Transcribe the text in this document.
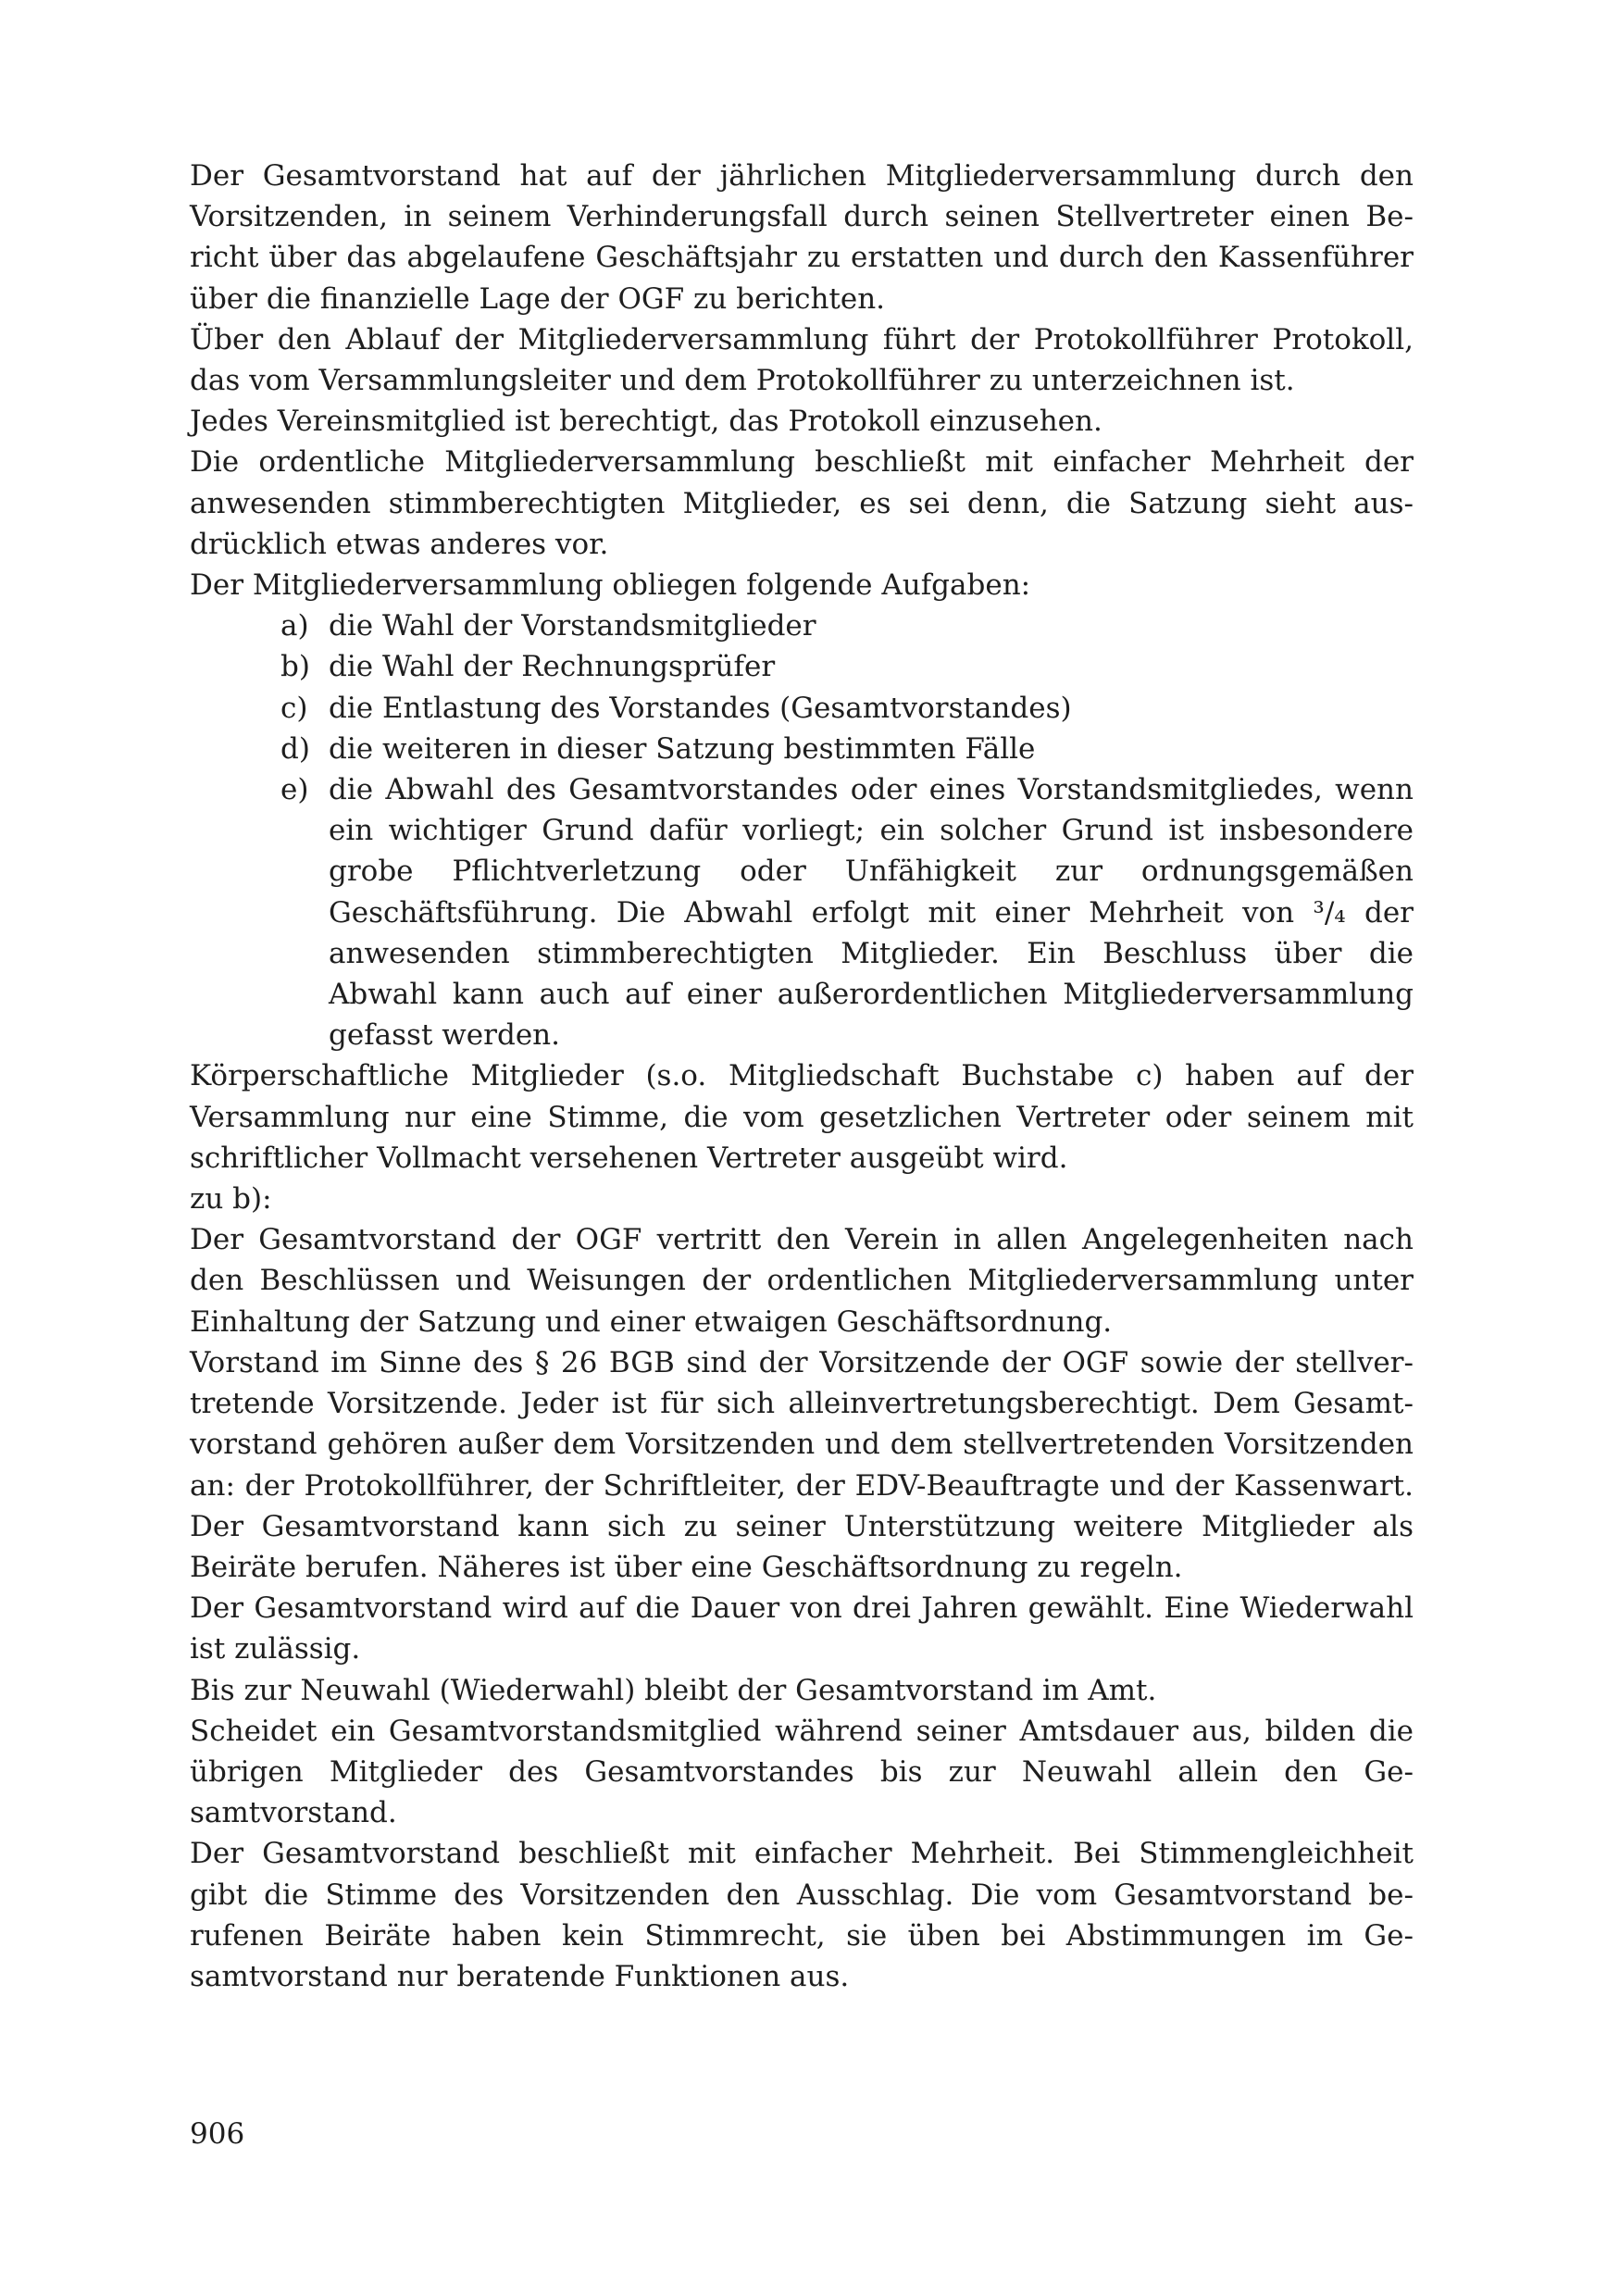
Der Gesamtvorstand hat auf der jährlichen Mitgliederversammlung durch den Vorsitzenden, in seinem Verhinderungsfall durch seinen Stellvertreter einen Bericht über das abgelaufene Geschäftsjahr zu erstatten und durch den Kassenführer über die finanzielle Lage der OGF zu berichten.

Über den Ablauf der Mitgliederversammlung führt der Protokollführer Protokoll, das vom Versammlungsleiter und dem Protokollführer zu unterzeichnen ist.

Jedes Vereinsmitglied ist berechtigt, das Protokoll einzusehen.

Die ordentliche Mitgliederversammlung beschließt mit einfacher Mehrheit der anwesenden stimmberechtigten Mitglieder, es sei denn, die Satzung sieht ausdrücklich etwas anderes vor.

Der Mitgliederversammlung obliegen folgende Aufgaben:

a) die Wahl der Vorstandsmitglieder
b) die Wahl der Rechnungsprüfer
c) die Entlastung des Vorstandes (Gesamtvorstandes)
d) die weiteren in dieser Satzung bestimmten Fälle
e) die Abwahl des Gesamtvorstandes oder eines Vorstandsmitgliedes, wenn ein wichtiger Grund dafür vorliegt; ein solcher Grund ist insbesondere grobe Pflichtverletzung oder Unfähigkeit zur ordnungsgemäßen Geschäftsführung. Die Abwahl erfolgt mit einer Mehrheit von ³/₄ der anwesenden stimmberechtigten Mitglieder. Ein Beschluss über die Abwahl kann auch auf einer außerordentlichen Mitgliederversammlung gefasst werden.

Körperschaftliche Mitglieder (s.o. Mitgliedschaft Buchstabe c) haben auf der Versammlung nur eine Stimme, die vom gesetzlichen Vertreter oder seinem mit schriftlicher Vollmacht versehenen Vertreter ausgeübt wird.

zu b):

Der Gesamtvorstand der OGF vertritt den Verein in allen Angelegenheiten nach den Beschlüssen und Weisungen der ordentlichen Mitgliederversammlung unter Einhaltung der Satzung und einer etwaigen Geschäftsordnung.

Vorstand im Sinne des § 26 BGB sind der Vorsitzende der OGF sowie der stellvertretende Vorsitzende. Jeder ist für sich alleinvertretungsberechtigt. Dem Gesamtvorstand gehören außer dem Vorsitzenden und dem stellvertretenden Vorsitzenden an: der Protokollführer, der Schriftleiter, der EDV-Beauftragte und der Kassenwart. Der Gesamtvorstand kann sich zu seiner Unterstützung weitere Mitglieder als Beiräte berufen. Näheres ist über eine Geschäftsordnung zu regeln.

Der Gesamtvorstand wird auf die Dauer von drei Jahren gewählt. Eine Wiederwahl ist zulässig.

Bis zur Neuwahl (Wiederwahl) bleibt der Gesamtvorstand im Amt.

Scheidet ein Gesamtvorstandsmitglied während seiner Amtsdauer aus, bilden die übrigen Mitglieder des Gesamtvorstandes bis zur Neuwahl allein den Gesamtvorstand.

Der Gesamtvorstand beschließt mit einfacher Mehrheit. Bei Stimmengleichheit gibt die Stimme des Vorsitzenden den Ausschlag. Die vom Gesamtvorstand berufenen Beiräte haben kein Stimmrecht, sie üben bei Abstimmungen im Gesamtvorstand nur beratende Funktionen aus.

906
